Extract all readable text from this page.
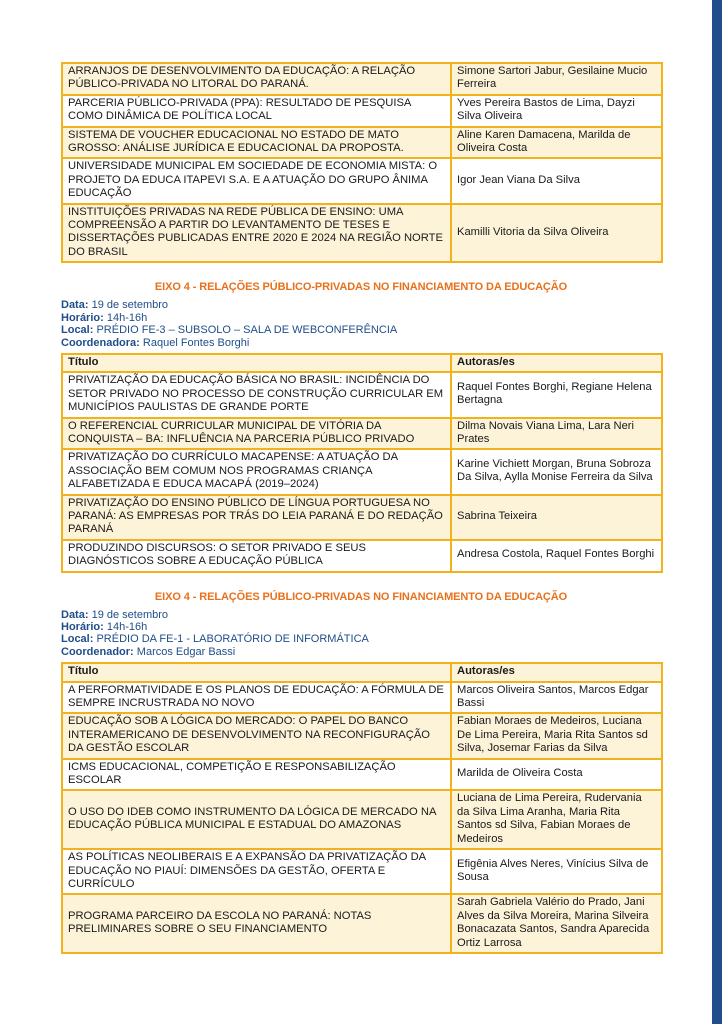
ARRANJOS DE DESENVOLVIMENTO DA EDUCAÇÃO: A RELAÇÃO PÚBLICO-PRIVADA NO LITORAL DO PARANÁ.	Simone Sartori Jabur, Gesilaine Mucio Ferreira
PARCERIA PÚBLICO-PRIVADA (PPA): RESULTADO DE PESQUISA COMO DINÂMICA DE POLÍTICA LOCAL	Yves Pereira Bastos de Lima, Dayzi Silva Oliveira
SISTEMA DE VOUCHER EDUCACIONAL NO ESTADO DE MATO GROSSO: ANÁLISE JURÍDICA E EDUCACIONAL DA PROPOSTA.	Aline Karen Damacena, Marilda de Oliveira Costa
UNIVERSIDADE MUNICIPAL EM SOCIEDADE DE ECONOMIA MISTA: O PROJETO DA EDUCA ITAPEVI S.A. E A ATUAÇÃO DO GRUPO ÂNIMA EDUCAÇÃO	Igor Jean Viana Da Silva
INSTITUIÇÕES PRIVADAS NA REDE PÚBLICA DE ENSINO: UMA COMPREENSÃO A PARTIR DO LEVANTAMENTO DE TESES E DISSERTAÇÕES PUBLICADAS ENTRE 2020 E 2024 NA REGIÃO NORTE DO BRASIL	Kamilli Vitoria da Silva Oliveira
EIXO 4 - RELAÇÕES PÚBLICO-PRIVADAS NO FINANCIAMENTO DA EDUCAÇÃO
Data: 19 de setembro
Horário: 14h-16h
Local: PRÉDIO FE-3 – SUBSOLO – SALA DE WEBCONFERÊNCIA
Coordenadora: Raquel Fontes Borghi
Título	Autoras/es
PRIVATIZAÇÃO DA EDUCAÇÃO BÁSICA NO BRASIL: INCIDÊNCIA DO SETOR PRIVADO NO PROCESSO DE CONSTRUÇÃO CURRICULAR EM MUNICÍPIOS PAULISTAS DE GRANDE PORTE	Raquel Fontes Borghi, Regiane Helena Bertagna
O REFERENCIAL CURRICULAR MUNICIPAL DE VITÓRIA DA CONQUISTA – BA: INFLUÊNCIA NA PARCERIA PÚBLICO PRIVADO	Dilma Novais Viana Lima, Lara Neri Prates
PRIVATIZAÇÃO DO CURRÍCULO MACAPENSE: A ATUAÇÃO DA ASSOCIAÇÃO BEM COMUM NOS PROGRAMAS CRIANÇA ALFABETIZADA E EDUCA MACAPÁ (2019–2024)	Karine Vichiett Morgan, Bruna Sobroza Da Silva, Aylla Monise Ferreira da Silva
PRIVATIZAÇÃO DO ENSINO PÚBLICO DE LÍNGUA PORTUGUESA NO PARANÁ: AS EMPRESAS POR TRÁS DO LEIA PARANÁ E DO REDAÇÃO PARANÁ	Sabrina Teixeira
PRODUZINDO DISCURSOS: O SETOR PRIVADO E SEUS DIAGNÓSTICOS SOBRE A EDUCAÇÃO PÚBLICA	Andresa Costola, Raquel Fontes Borghi
EIXO 4 - RELAÇÕES PÚBLICO-PRIVADAS NO FINANCIAMENTO DA EDUCAÇÃO
Data: 19 de setembro
Horário: 14h-16h
Local: PRÉDIO DA FE-1 - LABORATÓRIO DE INFORMÁTICA
Coordenador: Marcos Edgar Bassi
Título	Autoras/es
A PERFORMATIVIDADE E OS PLANOS DE EDUCAÇÃO: A FÓRMULA DE SEMPRE INCRUSTRADA NO NOVO	Marcos Oliveira Santos, Marcos Edgar Bassi
EDUCAÇÃO SOB A LÓGICA DO MERCADO: O PAPEL DO BANCO INTERAMERICANO DE DESENVOLVIMENTO NA RECONFIGURAÇÃO DA GESTÃO ESCOLAR	Fabian Moraes de Medeiros, Luciana De Lima Pereira, Maria Rita Santos sd Silva, Josemar Farias da Silva
ICMS EDUCACIONAL, COMPETIÇÃO E RESPONSABILIZAÇÃO ESCOLAR	Marilda de Oliveira Costa
O USO DO IDEB COMO INSTRUMENTO DA LÓGICA DE MERCADO NA EDUCAÇÃO PÚBLICA MUNICIPAL E ESTADUAL DO AMAZONAS	Luciana de Lima Pereira, Rudervania da Silva Lima Aranha, Maria Rita Santos sd Silva, Fabian Moraes de Medeiros
AS POLÍTICAS NEOLIBERAIS E A EXPANSÃO DA PRIVATIZAÇÃO DA EDUCAÇÃO NO PIAUÍ: DIMENSÕES DA GESTÃO, OFERTA E CURRÍCULO	Efigênia Alves Neres, Vinícius Silva de Sousa
PROGRAMA PARCEIRO DA ESCOLA NO PARANÁ: NOTAS PRELIMINARES SOBRE O SEU FINANCIAMENTO	Sarah Gabriela Valério do Prado, Jani Alves da Silva Moreira, Marina Silveira Bonacazata Santos, Sandra Aparecida Ortiz Larrosa
